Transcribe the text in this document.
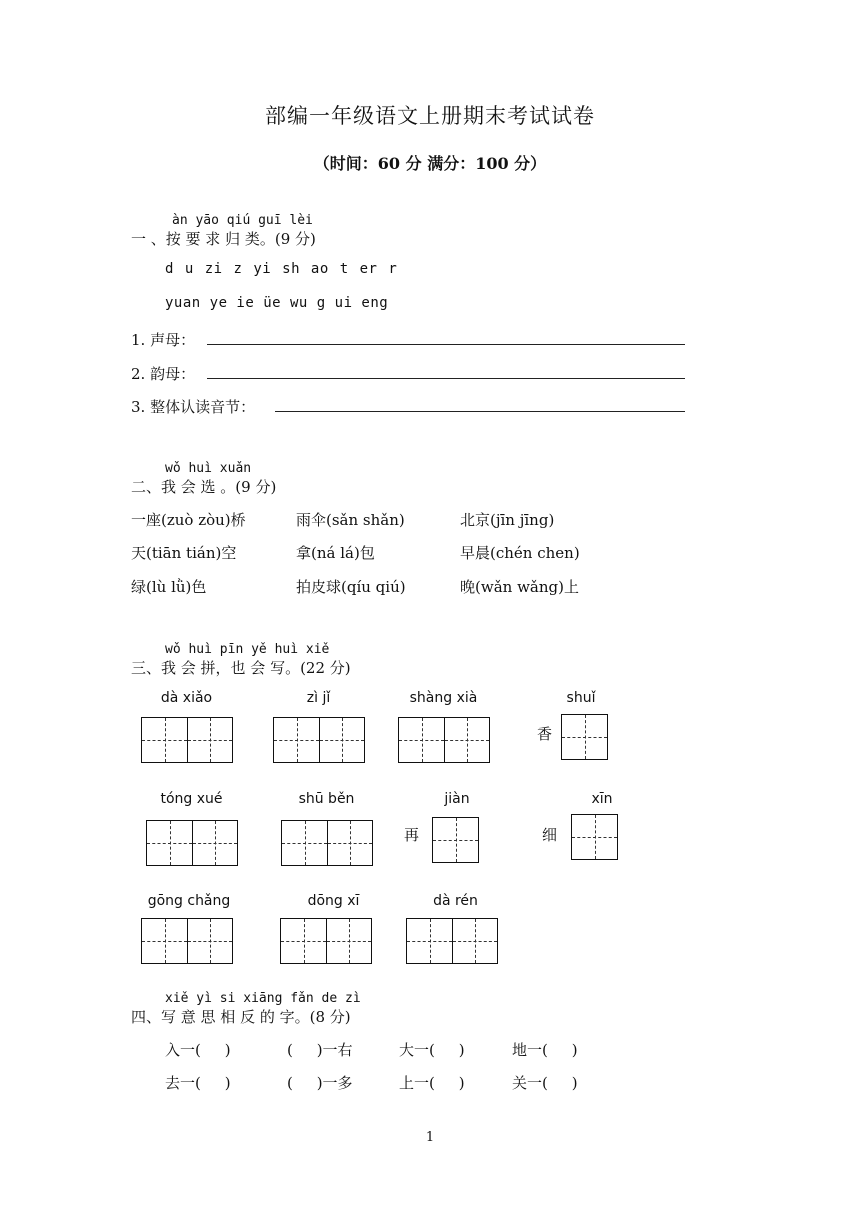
部编一年级语文上册期末考试试卷
（时间：60 分 满分：100 分）
àn yāo qiú guī lèi
一 、按 要 求 归 类。(9 分)
d u zi z yi sh ao t er r
yuan ye ie üe wu g ui eng
1. 声母：
2. 韵母：
3. 整体认读音节：
wǒ huì xuǎn
二、我 会 选 。(9 分)
一座(zuò zòu)桥	雨伞(sǎn shǎn)	北京(jīn jīng)
天(tiān tián)空	拿(ná lá)包	早晨(chén chen)
绿(lù lǜ)色	拍皮球(qíu qiú)	晚(wǎn wǎng)上
wǒ huì pīn yě huì xiě
三、我 会 拼，也 会 写。(22 分)
dà xiǎo	zì jǐ	shàng xià	shuǐ
香
tóng xué	shū běn	jiàn
再
xīn
细
gōng chǎng	dōng xī	dà rén
xiě yì si xiāng fǎn de zì
四、写 意 思 相 反 的 字。(8 分)
入一(     )	(     )一右	大一(     )	地一(     )
去一(     )	(     )一多	上一(     )	关一(     )
1
